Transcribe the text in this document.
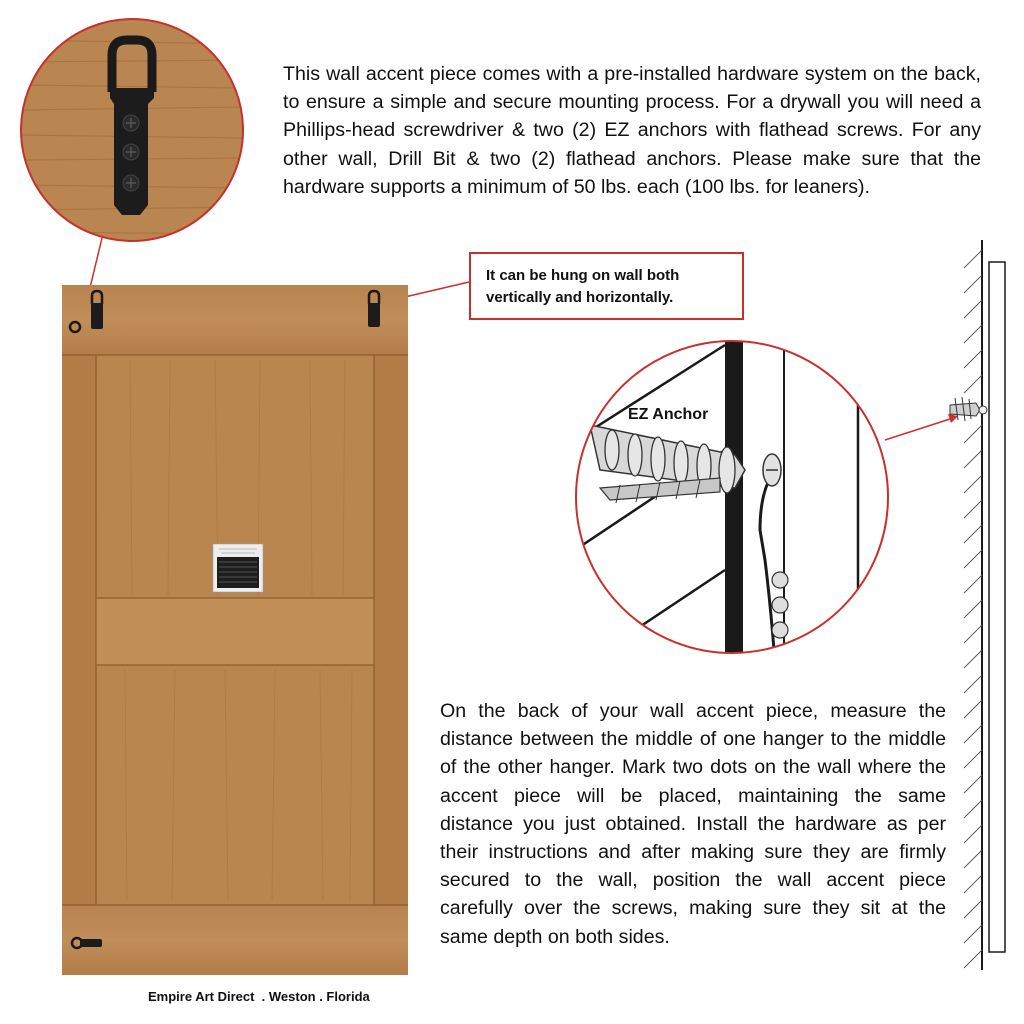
This wall accent piece comes with a pre-installed hardware system on the back, to ensure a simple and secure mounting process. For a drywall you will need a Phillips-head screwdriver & two (2) EZ anchors with flathead screws. For any other wall, Drill Bit & two (2) flathead anchors. Please make sure that the hardware supports a minimum of 50 lbs. each (100 lbs. for leaners).

It can be hung on wall both
vertically and horizontally.
EZ Anchor

On the back of your wall accent piece, measure the distance between the middle of one hanger to the middle of the other hanger. Mark two dots on the wall where the accent piece will be placed, maintaining the same distance you just obtained. Install the hardware as per their instructions and after making sure they are firmly secured to the wall, position the wall accent piece carefully over the screws, making sure they sit at the same depth on both sides.

Empire Art Direct  . Weston . Florida
